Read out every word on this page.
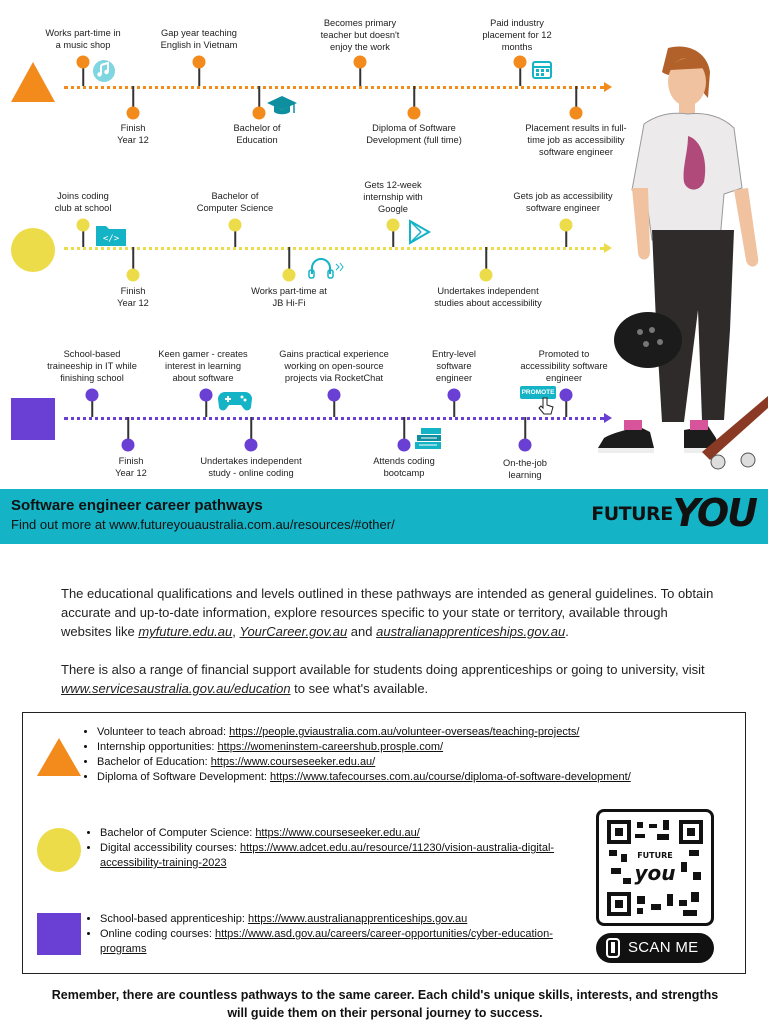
Works part-time in
a music shop
Gap year teaching
English in Vietnam
Becomes primary
teacher but doesn't
enjoy the work
Paid industry
placement for 12
months
Finish
Year 12
Bachelor of
Education
Diploma of Software
Development (full time)
Placement results in full-
time job as accessibility
software engineer
Joins coding
club at school
</>
Bachelor of
Computer Science
Gets 12-week
internship with
Google
Gets job as accessibility
software engineer
Finish
Year 12
Works part-time at
JB Hi-Fi
Undertakes independent
studies about accessibility
School-based
traineeship in IT while
finishing school
Keen gamer - creates
interest in learning
about software
Gains practical experience
working on open-source
projects via RocketChat
Entry-level
software
engineer
Promoted to
accessibility software
engineer
PROMOTE
Finish
Year 12
Undertakes independent
study - online coding
Attends coding
bootcamp
On-the-job
learning
Software engineer career pathways
Find out more at www.futureyouaustralia.com.au/resources/#other/	FUTUREYOU

The educational qualifications and levels outlined in these pathways are intended as general guidelines. To obtain accurate and up-to-date information, explore resources specific to your state or territory, available through websites like myfuture.edu.au, YourCareer.gov.au and australianapprenticeships.gov.au.

There is also a range of financial support available for students doing apprenticeships or going to university, visit www.servicesaustralia.gov.au/education to see what's available.

• Volunteer to teach abroad: https://people.gviaustralia.com.au/volunteer-overseas/teaching-projects/
• Internship opportunities: https://womeninstem-careershub.prosple.com/
• Bachelor of Education: https://www.courseseeker.edu.au/
• Diploma of Software Development: https://www.tafecourses.com.au/course/diploma-of-software-development/
• Bachelor of Computer Science: https://www.courseseeker.edu.au/
• Digital accessibility courses: https://www.adcet.edu.au/resource/11230/vision-australia-digital-accessibility-training-2023
• School-based apprenticeship: https://www.australianapprenticeships.gov.au
• Online coding courses: https://www.asd.gov.au/careers/career-opportunities/cyber-education-programs
FUTURE
you
SCAN ME
Remember, there are countless pathways to the same career. Each child's unique skills, interests, and strengths will guide them on their personal journey to success.
